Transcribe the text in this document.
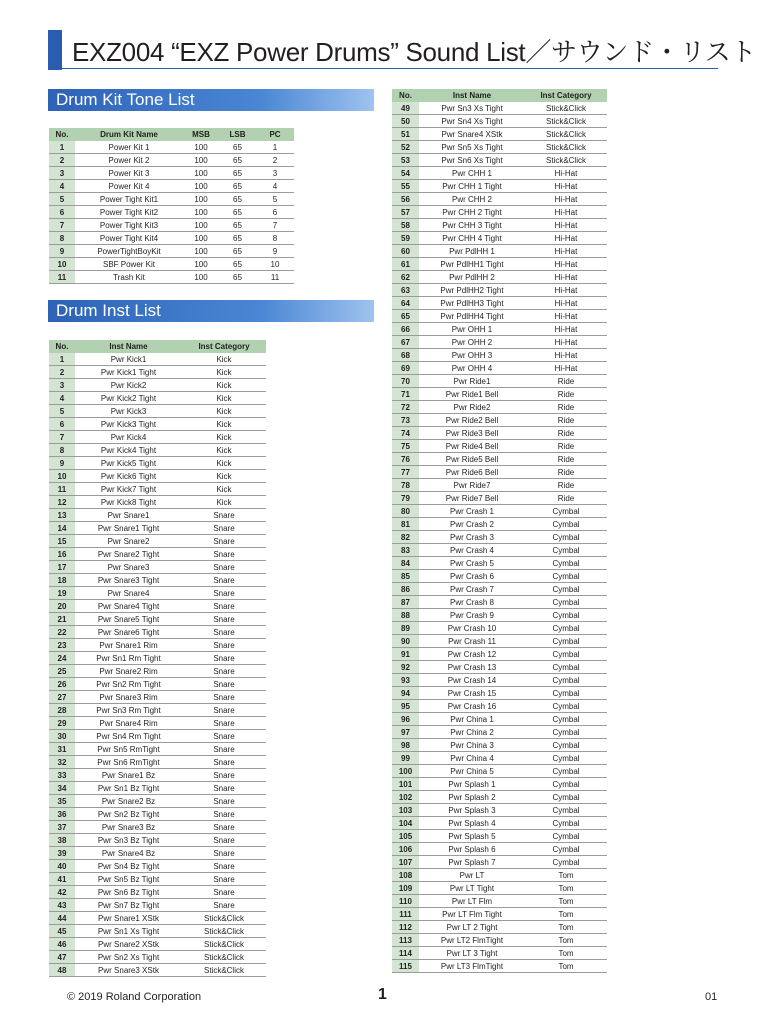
EXZ004 “EXZ Power Drums” Sound List／サウンド・リスト
Drum Kit Tone List
No.	Drum Kit Name	MSB	LSB	PC
1	Power Kit 1	100	65	1
2	Power Kit 2	100	65	2
3	Power Kit 3	100	65	3
4	Power Kit 4	100	65	4
5	Power Tight Kit1	100	65	5
6	Power Tight Kit2	100	65	6
7	Power Tight Kit3	100	65	7
8	Power Tight Kit4	100	65	8
9	PowerTightBoyKit	100	65	9
10	SBF Power Kit	100	65	10
11	Trash Kit	100	65	11
Drum Inst List
No.	Inst Name	Inst Category
1	Pwr Kick1	Kick
2	Pwr Kick1 Tight	Kick
3	Pwr Kick2	Kick
4	Pwr Kick2 Tight	Kick
5	Pwr Kick3	Kick
6	Pwr Kick3 Tight	Kick
7	Pwr Kick4	Kick
8	Pwr Kick4 Tight	Kick
9	Pwr Kick5 Tight	Kick
10	Pwr Kick6 Tight	Kick
11	Pwr Kick7 Tight	Kick
12	Pwr Kick8 Tight	Kick
13	Pwr Snare1	Snare
14	Pwr Snare1 Tight	Snare
15	Pwr Snare2	Snare
16	Pwr Snare2 Tight	Snare
17	Pwr Snare3	Snare
18	Pwr Snare3 Tight	Snare
19	Pwr Snare4	Snare
20	Pwr Snare4 Tight	Snare
21	Pwr Snare5 Tight	Snare
22	Pwr Snare6 Tight	Snare
23	Pwr Snare1 Rim	Snare
24	Pwr Sn1 Rm Tight	Snare
25	Pwr Snare2 Rim	Snare
26	Pwr Sn2 Rm Tight	Snare
27	Pwr Snare3 Rim	Snare
28	Pwr Sn3 Rm Tight	Snare
29	Pwr Snare4 Rim	Snare
30	Pwr Sn4 Rm Tight	Snare
31	Pwr Sn5 RmTight	Snare
32	Pwr Sn6 RmTight	Snare
33	Pwr Snare1 Bz	Snare
34	Pwr Sn1 Bz Tight	Snare
35	Pwr Snare2 Bz	Snare
36	Pwr Sn2 Bz Tight	Snare
37	Pwr Snare3 Bz	Snare
38	Pwr Sn3 Bz Tight	Snare
39	Pwr Snare4 Bz	Snare
40	Pwr Sn4 Bz Tight	Snare
41	Pwr Sn5 Bz Tight	Snare
42	Pwr Sn6 Bz Tight	Snare
43	Pwr Sn7 Bz Tight	Snare
44	Pwr Snare1 XStk	Stick&Click
45	Pwr Sn1 Xs Tight	Stick&Click
46	Pwr Snare2 XStk	Stick&Click
47	Pwr Sn2 Xs Tight	Stick&Click
48	Pwr Snare3 XStk	Stick&Click
No.	Inst Name	Inst Category
49	Pwr Sn3 Xs Tight	Stick&Click
50	Pwr Sn4 Xs Tight	Stick&Click
51	Pwr Snare4 XStk	Stick&Click
52	Pwr Sn5 Xs Tight	Stick&Click
53	Pwr Sn6 Xs Tight	Stick&Click
54	Pwr CHH 1	Hi-Hat
55	Pwr CHH 1 Tight	Hi-Hat
56	Pwr CHH 2	Hi-Hat
57	Pwr CHH 2 Tight	Hi-Hat
58	Pwr CHH 3 Tight	Hi-Hat
59	Pwr CHH 4 Tight	Hi-Hat
60	Pwr PdlHH 1	Hi-Hat
61	Pwr PdlHH1 Tight	Hi-Hat
62	Pwr PdlHH 2	Hi-Hat
63	Pwr PdlHH2 Tight	Hi-Hat
64	Pwr PdlHH3 Tight	Hi-Hat
65	Pwr PdlHH4 Tight	Hi-Hat
66	Pwr OHH 1	Hi-Hat
67	Pwr OHH 2	Hi-Hat
68	Pwr OHH 3	Hi-Hat
69	Pwr OHH 4	Hi-Hat
70	Pwr Ride1	Ride
71	Pwr Ride1 Bell	Ride
72	Pwr Ride2	Ride
73	Pwr Ride2 Bell	Ride
74	Pwr Ride3 Bell	Ride
75	Pwr Ride4 Bell	Ride
76	Pwr Ride5 Bell	Ride
77	Pwr Ride6 Bell	Ride
78	Pwr Ride7	Ride
79	Pwr Ride7 Bell	Ride
80	Pwr Crash 1	Cymbal
81	Pwr Crash 2	Cymbal
82	Pwr Crash 3	Cymbal
83	Pwr Crash 4	Cymbal
84	Pwr Crash 5	Cymbal
85	Pwr Crash 6	Cymbal
86	Pwr Crash 7	Cymbal
87	Pwr Crash 8	Cymbal
88	Pwr Crash 9	Cymbal
89	Pwr Crash 10	Cymbal
90	Pwr Crash 11	Cymbal
91	Pwr Crash 12	Cymbal
92	Pwr Crash 13	Cymbal
93	Pwr Crash 14	Cymbal
94	Pwr Crash 15	Cymbal
95	Pwr Crash 16	Cymbal
96	Pwr China 1	Cymbal
97	Pwr China 2	Cymbal
98	Pwr China 3	Cymbal
99	Pwr China 4	Cymbal
100	Pwr China 5	Cymbal
101	Pwr Splash 1	Cymbal
102	Pwr Splash 2	Cymbal
103	Pwr Splash 3	Cymbal
104	Pwr Splash 4	Cymbal
105	Pwr Splash 5	Cymbal
106	Pwr Splash 6	Cymbal
107	Pwr Splash 7	Cymbal
108	Pwr LT	Tom
109	Pwr LT Tight	Tom
110	Pwr LT Flm	Tom
111	Pwr LT Flm Tight	Tom
112	Pwr LT 2 Tight	Tom
113	Pwr LT2 FlmTight	Tom
114	Pwr LT 3 Tight	Tom
115	Pwr LT3 FlmTight	Tom
© 2019 Roland Corporation	1	01
